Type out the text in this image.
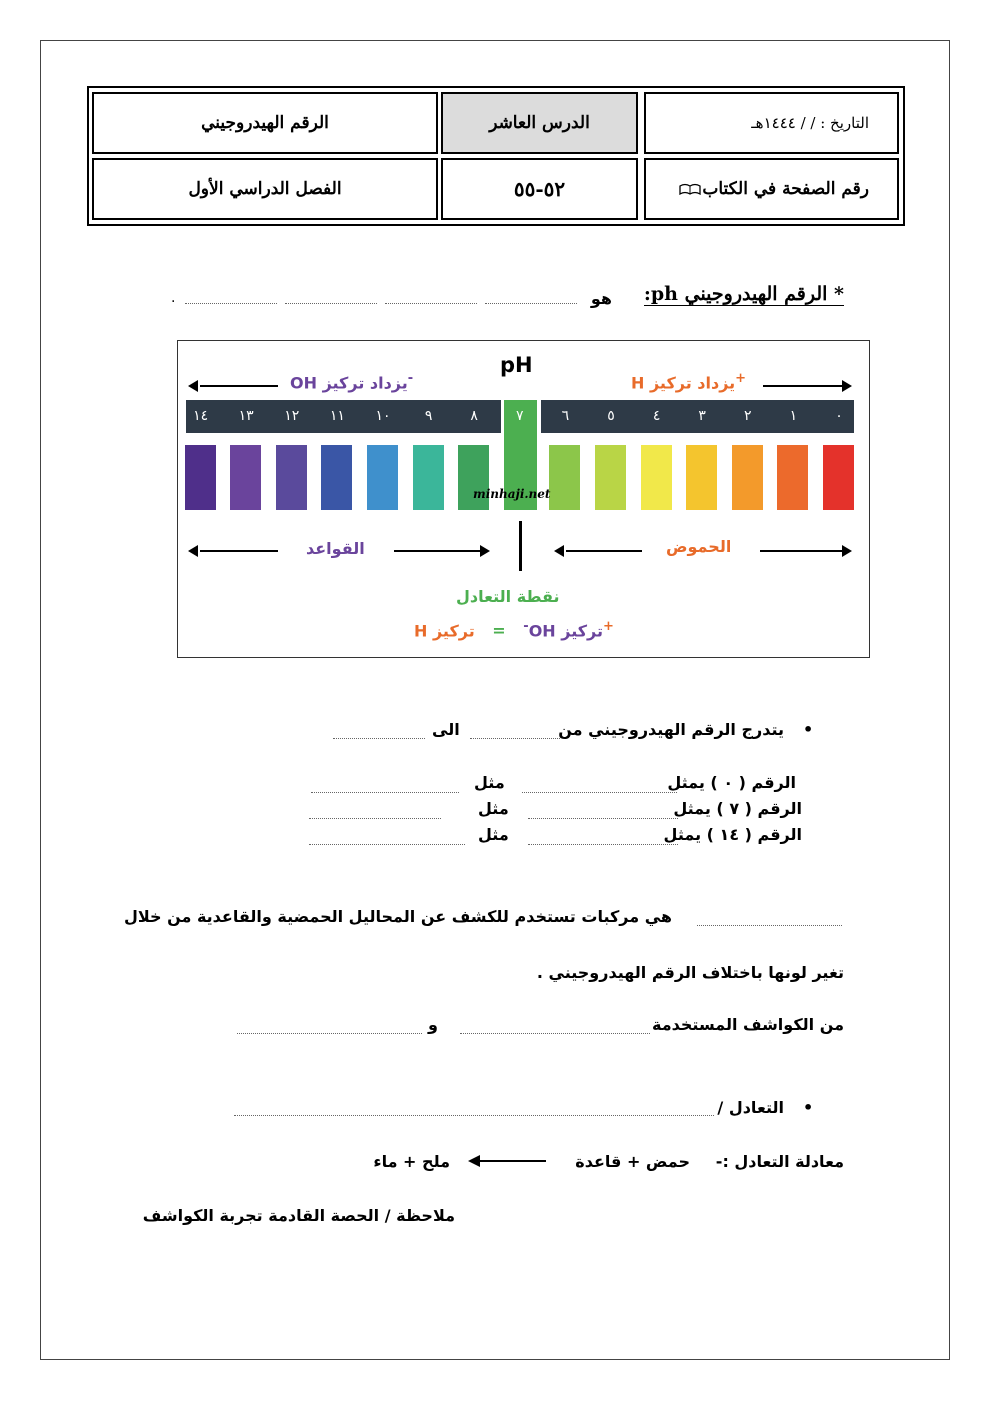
التاريخ : / / ١٤٤٤هـ
الدرس العاشر
الرقم الهيدروجيني
رقم الصفحة في الكتاب
٥٢-٥٥
الفصل الدراسي الأول
* الرقم الهيدروجيني ph:
هو
.
pH
يزداد تركيز H+
يزداد تركيز OH-
٠
١
٢
٣
٤
٥
٦
٧
٨
٩
١٠
١١
١٢
١٣
١٤
minhaji.net
القواعد	الحموض
نقطة التعادل
تركيز OH- = تركيز H	+
•
يتدرج الرقم الهيدروجيني من
الى
الرقم ( ٠ ) يمثل
مثل
الرقم ( ٧ ) يمثل
مثل
الرقم ( ١٤ ) يمثل
مثل
هي مركبات تستخدم للكشف عن المحاليل الحمضية والقاعدية من خلال
تغير لونها باختلاف الرقم الهيدروجيني .
من الكواشف المستخدمة
و
•
التعادل /
معادلة التعادل :-
حمض + قاعدة
ملح + ماء
ملاحظة / الحصة القادمة تجربة الكواشف
